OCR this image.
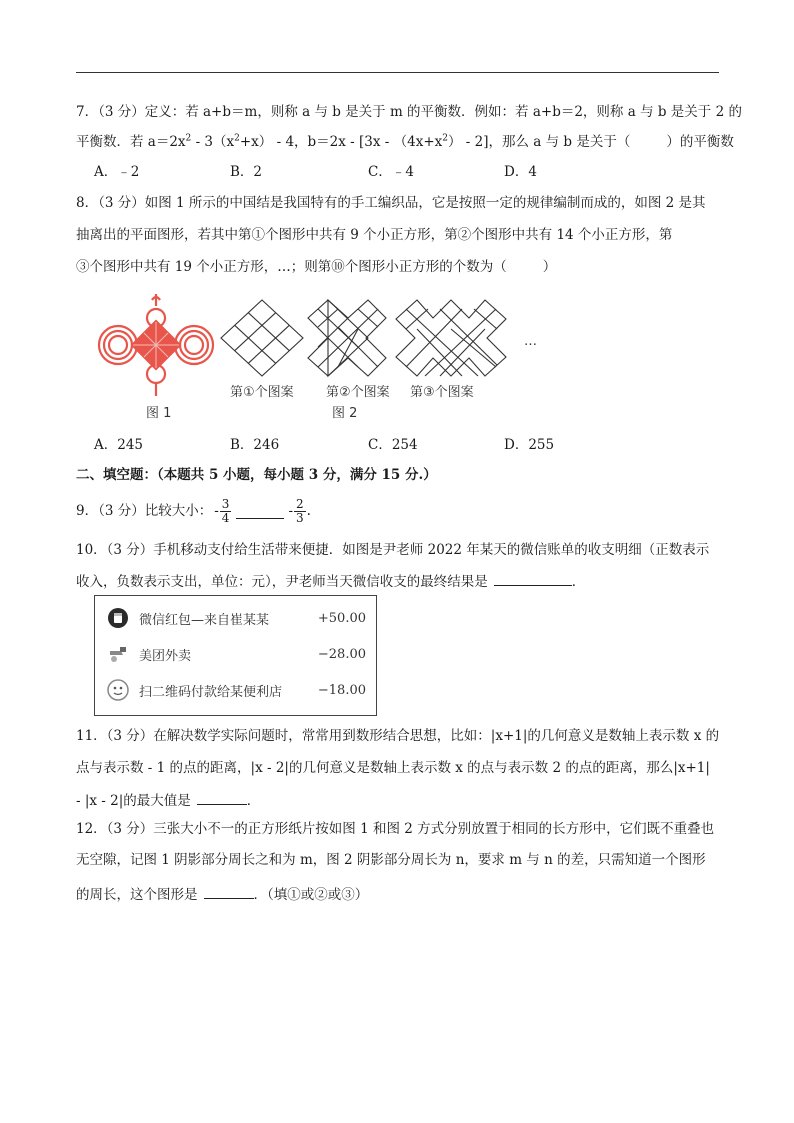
7．（3 分）定义：若 a+b＝m，则称 a 与 b 是关于 m 的平衡数．例如：若 a+b＝2，则称 a 与 b 是关于 2 的
平衡数．若 $a=2x^2 - 3(x^2+x) - 4$，$b=2x - [3x - (4x+x^2) - 2]$，那么 a 与 b 是关于（	）的平衡数
A．﹣2	B．2	C．﹣4	D．4
8．（3 分）如图 1 所示的中国结是我国特有的手工编织品，它是按照一定的规律编制而成的，如图 2 是其
抽离出的平面图形，若其中第①个图形中共有 9 个小正方形，第②个图形中共有 14 个小正方形，第
③个图形中共有 19 个小正方形，…；则第⑩个图形小正方形的个数为（	）
图 1
第①个图案 第②个图案 第③个图案
…
图 2
A．245	B．246	C．254	D．255
二、填空题：（本题共 5 小题，每小题 3 分，满分 15 分.）
9．（3 分）比较大小： - $\frac{3}{4}$	- $\frac{2}{3}$ .
10．（3 分）手机移动支付给生活带来便捷．如图是尹老师 2022 年某天的微信账单的收支明细（正数表示
收入，负数表示支出，单位：元），尹老师当天微信收支的最终结果是	．
微信红包—来自崔某某	+50.00
美团外卖	−28.00
扫二维码付款给某便利店	−18.00
11．（3 分）在解决数学实际问题时，常常用到数形结合思想，比如：|x+1|的几何意义是数轴上表示数 x 的
点与表示数 - 1 的点的距离，|x - 2|的几何意义是数轴上表示数 x 的点与表示数 2 的点的距离，那么|x+1|
- |x - 2|的最大值是	．
12．（3 分）三张大小不一的正方形纸片按如图 1 和图 2 方式分别放置于相同的长方形中，它们既不重叠也
无空隙，记图 1 阴影部分周长之和为 m，图 2 阴影部分周长为 n，要求 m 与 n 的差，只需知道一个图形
的周长，这个图形是	．（填①或②或③）
